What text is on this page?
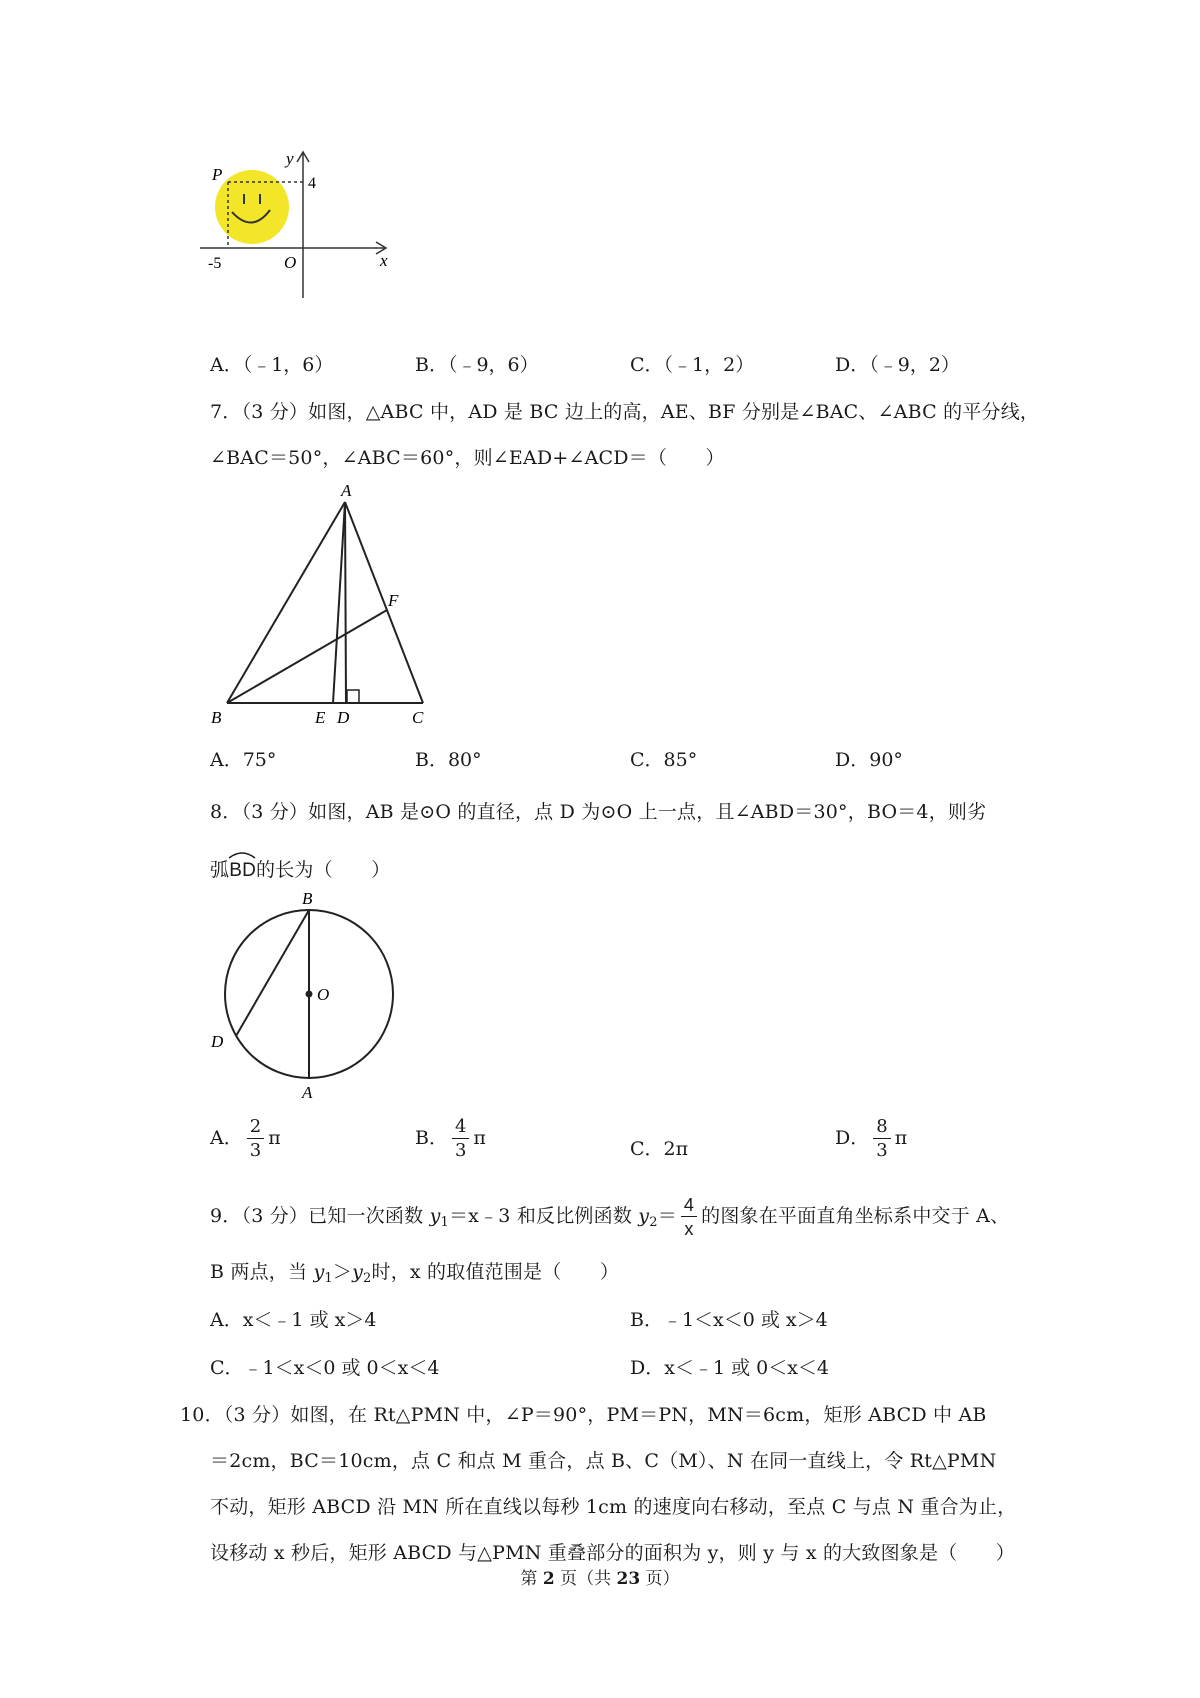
y
P	4
-5	O	x
A．（﹣1，6）	B．（﹣9，6）	C．（﹣1，2）	D．（﹣9，2）
7．（3 分）如图，△ABC 中，AD 是 BC 边上的高，AE、BF 分别是∠BAC、∠ABC 的平分线，
∠BAC＝50°，∠ABC＝60°，则∠EAD+∠ACD＝（　　）
A
F
B	E D	C
A．75°	B．80°	C．85°	D．90°
8．（3 分）如图，AB 是⊙O 的直径，点 D 为⊙O 上一点，且∠ABD＝30°，BO＝4，则劣
弧
BD的长为（　　）
B
O
D
A
A． $\frac{2}{3}$ π	B． $\frac{4}{3}$ π	C．2π	D． $\frac{8}{3}$ π
9．（3 分）已知一次函数 $y_1=x﹣3$ 和反比例函数 $y_2= \frac{4}{x}$ 的图象在平面直角坐标系中交于 A、
B 两点，当 $y_1>y_2$时，x 的取值范围是（　　）
A．x＜﹣1 或 x＞4	B．﹣1＜x＜0 或 x＞4
C．﹣1＜x＜0 或 0＜x＜4	D．x＜﹣1 或 0＜x＜4
10．（3 分）如图，在 Rt△PMN 中，∠P＝90°，PM＝PN，MN＝6cm，矩形 ABCD 中 AB
＝2cm，BC＝10cm，点 C 和点 M 重合，点 B、C（M）、N 在同一直线上，令 Rt△PMN
不动，矩形 ABCD 沿 MN 所在直线以每秒 1cm 的速度向右移动，至点 C 与点 N 重合为止，
设移动 x 秒后，矩形 ABCD 与△PMN 重叠部分的面积为 y，则 y 与 x 的大致图象是（　　）
第 2 页（共 23 页）
